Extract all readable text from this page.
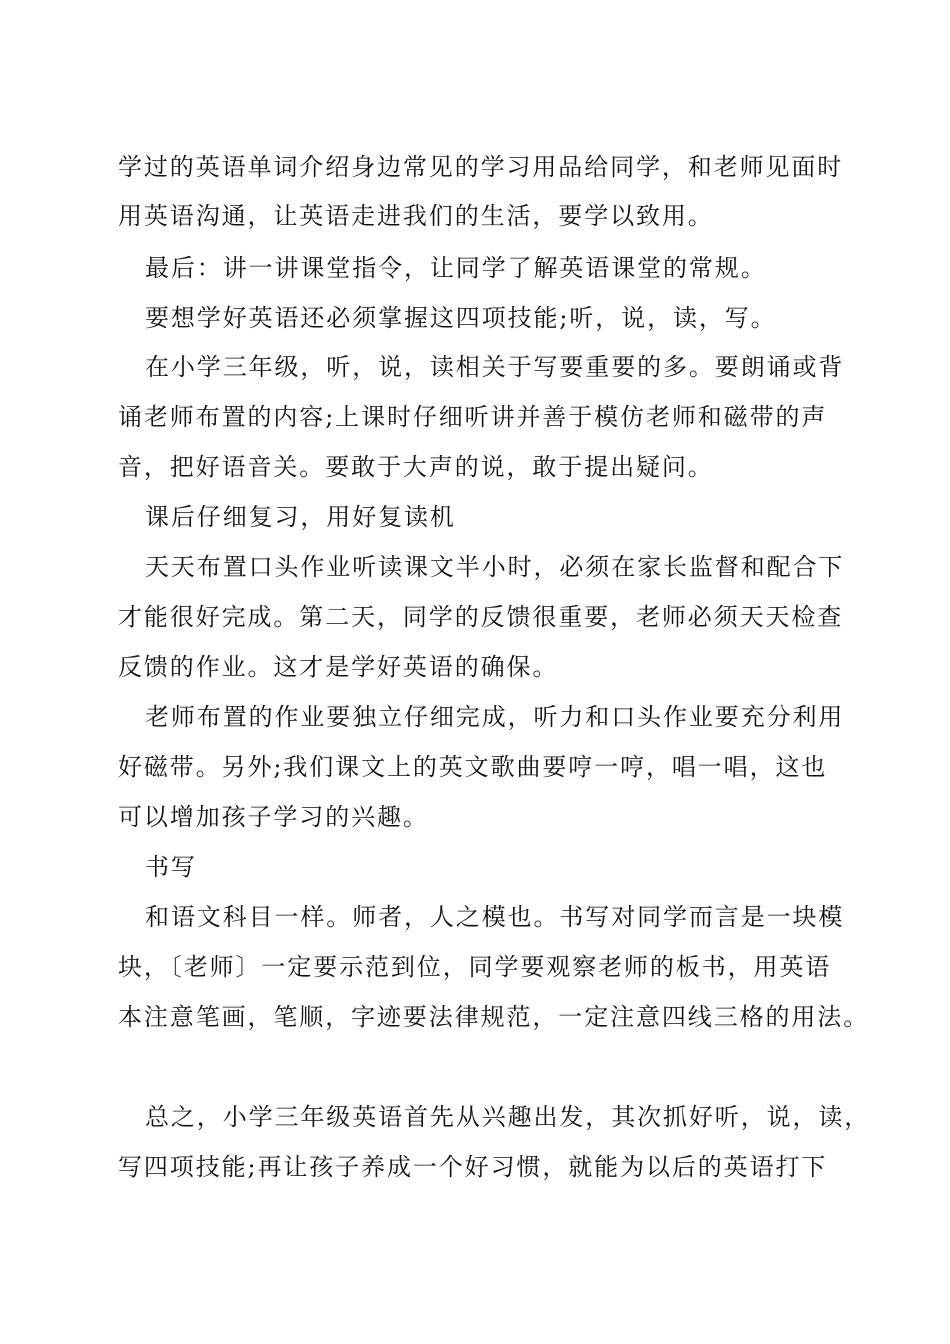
学过的英语单词介绍身边常见的学习用品给同学，和老师见面时
用英语沟通，让英语走进我们的生活，要学以致用。
最后：讲一讲课堂指令，让同学了解英语课堂的常规。
要想学好英语还必须掌握这四项技能;听，说，读，写。
在小学三年级，听，说，读相关于写要重要的多。要朗诵或背
诵老师布置的内容;上课时仔细听讲并善于模仿老师和磁带的声
音，把好语音关。要敢于大声的说，敢于提出疑问。
课后仔细复习，用好复读机
天天布置口头作业听读课文半小时，必须在家长监督和配合下
才能很好完成。第二天，同学的反馈很重要，老师必须天天检查
反馈的作业。这才是学好英语的确保。
老师布置的作业要独立仔细完成，听力和口头作业要充分利用
好磁带。另外;我们课文上的英文歌曲要哼一哼，唱一唱，这也
可以增加孩子学习的兴趣。
书写
和语文科目一样。师者，人之模也。书写对同学而言是一块模
块，〔老师〕一定要示范到位，同学要观察老师的板书，用英语
本注意笔画，笔顺，字迹要法律规范，一定注意四线三格的用法。
总之，小学三年级英语首先从兴趣出发，其次抓好听，说，读，
写四项技能;再让孩子养成一个好习惯，就能为以后的英语打下
